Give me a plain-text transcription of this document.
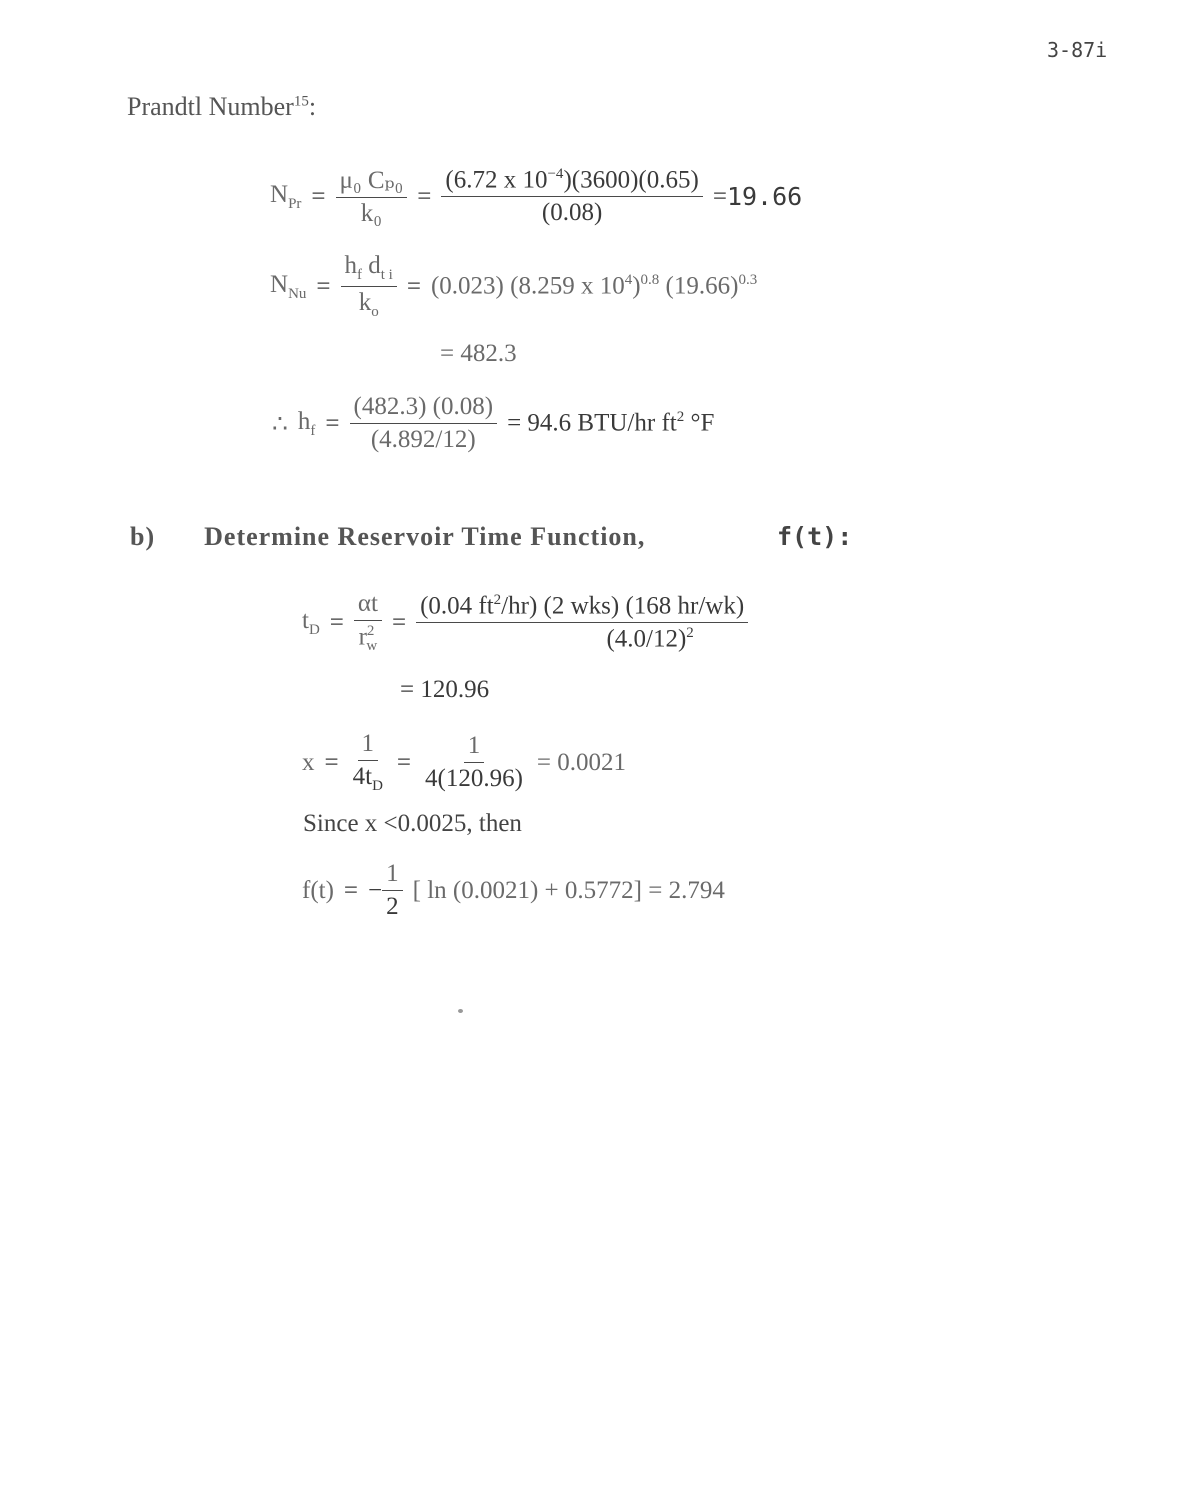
3-87i
Prandtl Number$^{15}$:
$N_{Pr} = \frac{\text{μ₀ Cₚ₀}}{\text{k₀}} = \frac{(6.72 x 10^{-4})(3600)(0.65)}{(0.08)} = 19.66$
$N_{Nu} = \frac{h_f d_{t i}}{k_o} = (0.023)$ (8.259 x $10^4)^{0.8}$ $(19.66)^{0.3}$
= 482.3
∴ $h_f = \frac{(482.3) (0.08)}{(4.892/12)} = 94.6$ BTU/hr $ft^2$ °F
b) Determine Reservoir Time Function,	f(t):
$t_D = \frac{\alpha t}{r^2_w} = \frac{(0.04 ft^2/hr) (2 wks) (168 hr/wk)}{(4.0/12)^2}$
= 120.96
$x = \frac{1}{4t_D} = \frac{1}{4(120.96)} = 0.0021$
Since x <0.0025, then
f(t) = − $\frac{1}{2}$ [ ln (0.0021) + 0.5772] = 2.794
